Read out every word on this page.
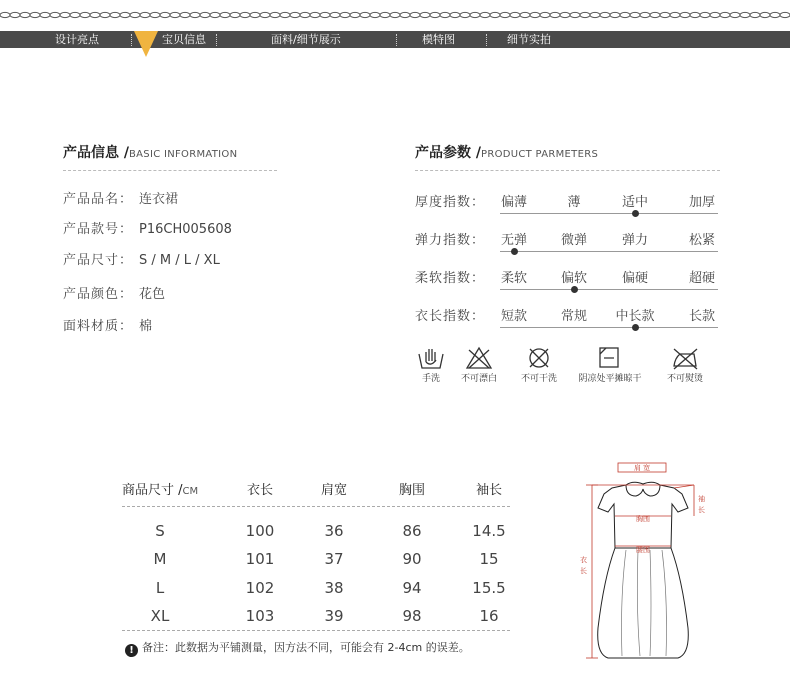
设计亮点	宝贝信息	面料/细节展示	模特图	细节实拍
产品信息 /BASIC INFORMATION
产品品名： 连衣裙
产品款号： P16CH005608
产品尺寸： S / M / L / XL
产品颜色： 花色
面料材质： 棉
产品参数 /PRODUCT PARMETERS
厚度指数：	偏薄	薄	适中	加厚
弹力指数：	无弹	微弹	弹力	松紧
柔软指数：	柔软	偏软	偏硬	超硬
衣长指数：	短款	常规	中长款	长款
手洗	不可漂白	不可干洗	阴凉处平摊晾干	不可熨烫
商品尺寸 /CM	衣长	肩宽	胸围	袖长
S	100	36	86	14.5
M	101	37	90	15
L	102	38	94	15.5
XL	103	39	98	16
! 备注：此数据为平铺测量，因方法不同，可能会有 2-4cm 的误差。
肩 宽
胸围
腰围
袖
长
衣
长
